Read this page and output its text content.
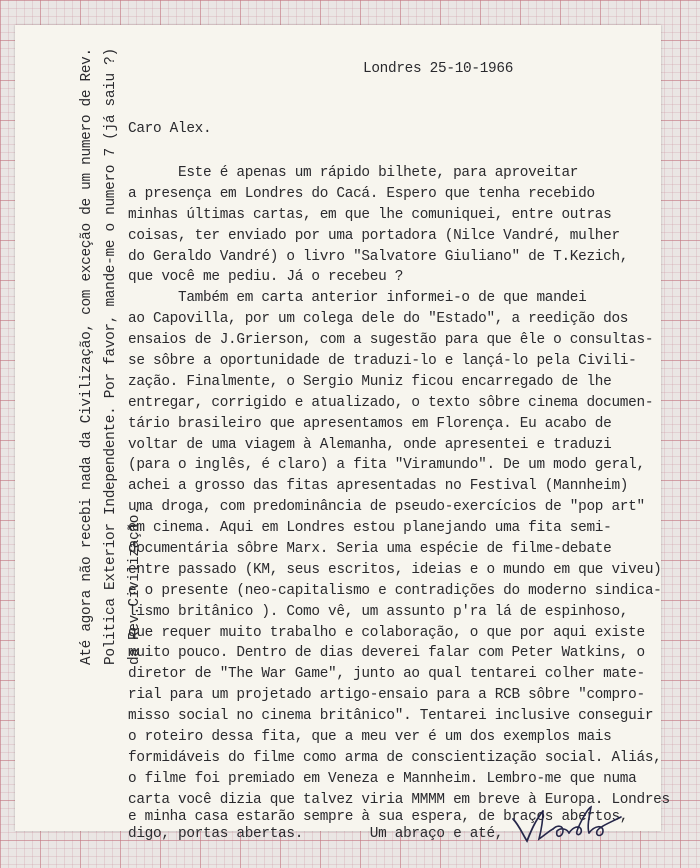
Londres 25-10-1966
Caro Alex.
Este é apenas um rápido bilhete, para aproveitar
a presença em Londres do Cacá. Espero que tenha recebido
minhas últimas cartas, em que lhe comuniquei, entre outras
coisas, ter enviado por uma portadora (Nilce Vandré, mulher
do Geraldo Vandré) o livro "Salvatore Giuliano" de T.Kezich,
que você me pediu. Já o recebeu ?
Também em carta anterior informei-o de que mandei
ao Capovilla, por um colega dele do "Estado", a reedição dos
ensaios de J.Grierson, com a sugestão para que êle o consultas-
se sôbre a oportunidade de traduzi-lo e lançá-lo pela Civili-
zação. Finalmente, o Sergio Muniz ficou encarregado de lhe
entregar, corrigido e atualizado, o texto sôbre cinema documen-
tário brasileiro que apresentamos em Florença. Eu acabo de
voltar de uma viagem à Alemanha, onde apresentei e traduzi
(para o inglês, é claro) a fita "Viramundo". De um modo geral,
achei a grosso das fitas apresentadas no Festival (Mannheim)
uma droga, com predominância de pseudo-exercícios de "pop art"
em cinema. Aqui em Londres estou planejando uma fita semi-
documentária sôbre Marx. Seria uma espécie de filme-debate
entre passado (KM, seus escritos, ideias e o mundo em que viveu)
e o presente (neo-capitalismo e contradições do moderno sindica-
lismo britânico ). Como vê, um assunto p'ra lá de espinhoso,
que requer muito trabalho e colaboração, o que por aqui existe
muito pouco. Dentro de dias deverei falar com Peter Watkins, o
diretor de "The War Game", junto ao qual tentarei colher mate-
rial para um projetado artigo-ensaio para a RCB sôbre "compro-
misso social no cinema britânico". Tentarei inclusive conseguir
o roteiro dessa fita, que a meu ver é um dos exemplos mais
formidáveis do filme como arma de conscientização social. Aliás,
o filme foi premiado em Veneza e Mannheim. Lembro-me que numa
carta você dizia que talvez viria MMMM em breve à Europa. Londres
e minha casa estarão sempre à sua espera, de braços abertos,
digo, portas abertas.        Um abraço e até,
Até agora não recebi nada da Civilização, com exceção de um numero de Rev. Politica Exterior Independente. Por favor, mande-me o numero 7 (já saiu ?) da Rev.Civilização.
